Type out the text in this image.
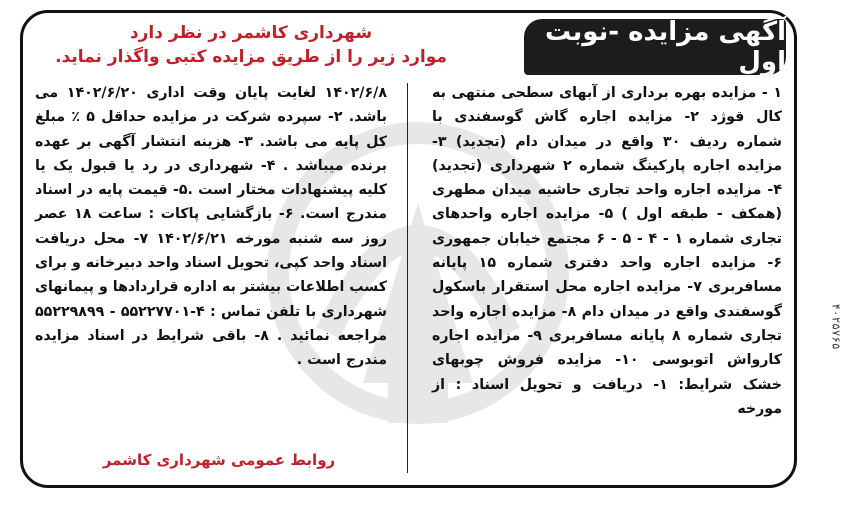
آگهی مزایده -نوبت اول
شهرداری کاشمر در نظر دارد
موارد زیر را از طریق مزایده کتبی واگذار نماید.
۱ - مزایده بهره برداری از آبهای سطحی منتهی به کال قوژد ۲- مزایده اجاره گاش گوسفندی با شماره ردیف ۳۰ واقع در میدان دام (تجدید) ۳- مزایده اجاره پارکینگ شماره ۲ شهرداری (تجدید) ۴- مزایده اجاره واحد تجاری حاشیه میدان مطهری (همکف - طبقه اول ) ۵- مزایده اجاره واحدهای تجاری شماره ۱ - ۴ - ۵ - ۶ مجتمع خیابان جمهوری ۶- مزایده اجاره واحد دفتری شماره ۱۵ پایانه مسافربری ۷- مزایده اجاره محل استقرار باسکول گوسفندی واقع در میدان دام ۸- مزایده اجاره واحد تجاری شماره ۸ پایانه مسافربری ۹- مزایده اجاره کارواش اتوبوسی ۱۰- مزایده فروش چوبهای خشک شرایط: ۱- دریافت و تحویل اسناد : از مورخه
۱۴۰۲/۶/۸ لغایت پایان وقت اداری ۱۴۰۲/۶/۲۰ می باشد. ۲- سپرده شرکت در مزایده حداقل ۵ ٪ مبلغ کل پایه می باشد. ۳- هزینه انتشار آگهی بر عهده برنده میباشد . ۴- شهرداری در رد یا قبول یک یا کلیه پیشنهادات مختار است .۵- قیمت پایه در اسناد مندرج است. ۶- بازگشایی پاکات : ساعت ۱۸ عصر روز سه شنبه مورخه ۱۴۰۲/۶/۲۱ ۷- محل دریافت اسناد واحد کپی، تحویل اسناد واحد دبیرخانه و برای کسب اطلاعات بیشتر به اداره قراردادها و پیمانهای شهرداری با تلفن تماس : ۴-۵۵۲۲۷۷۰۱ - ۵۵۲۲۹۸۹۹ مراجعه نمائید . ۸- باقی شرایط در اسناد مزایده مندرج است .
روابط عمومی شهرداری کاشمر
۴۰۲۵۷۶۵
